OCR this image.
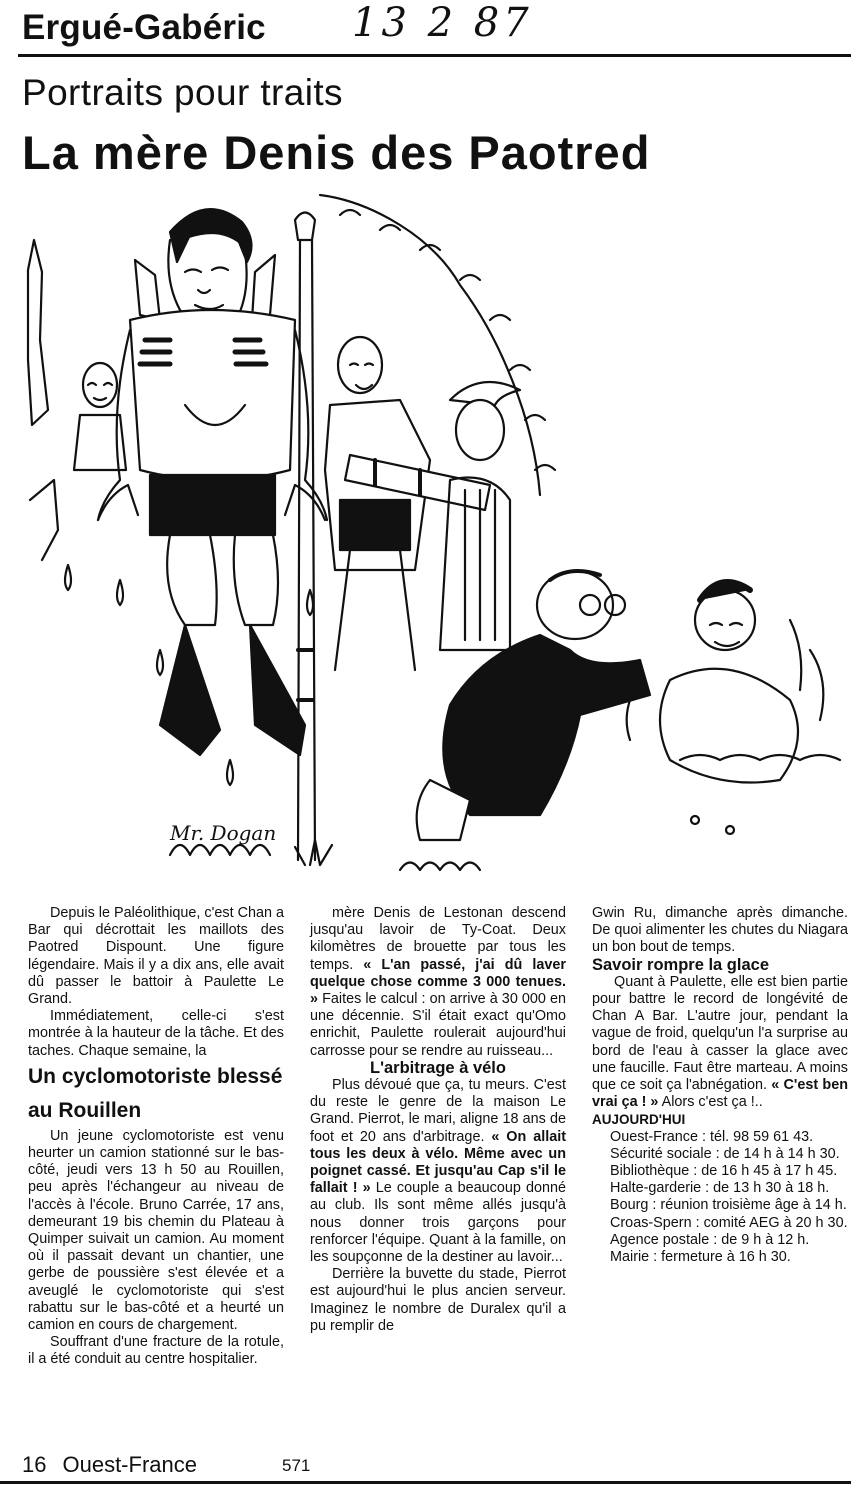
Ergué-Gabéric 13 2 87
Portraits pour traits
La mère Denis des Paotred
Mr. Dogan

Depuis le Paléolithique, c'est Chan a Bar qui décrottait les maillots des Paotred Dispount. Une figure légendaire. Mais il y a dix ans, elle avait dû passer le battoir à Paulette Le Grand.

Immédiatement, celle-ci s'est montrée à la hauteur de la tâche. Et des taches. Chaque semaine, la

Un cyclomotoriste blessé au Rouillen

Un jeune cyclomotoriste est venu heurter un camion stationné sur le bas-côté, jeudi vers 13 h 50 au Rouillen, peu après l'échangeur au niveau de l'accès à l'école. Bruno Carrée, 17 ans, demeurant 19 bis chemin du Plateau à Quimper suivait un camion. Au moment où il passait devant un chantier, une gerbe de poussière s'est élevée et a aveuglé le cyclomotoriste qui s'est rabattu sur le bas-côté et a heurté un camion en cours de chargement.

Souffrant d'une fracture de la rotule, il a été conduit au centre hospitalier.

mère Denis de Lestonan descend jusqu'au lavoir de Ty-Coat. Deux kilomètres de brouette par tous les temps. « L'an passé, j'ai dû laver quelque chose comme 3 000 tenues. » Faites le calcul : on arrive à 30 000 en une décennie. S'il était exact qu'Omo enrichit, Paulette roulerait aujourd'hui carrosse pour se rendre au ruisseau...

L'arbitrage à vélo

Plus dévoué que ça, tu meurs. C'est du reste le genre de la maison Le Grand. Pierrot, le mari, aligne 18 ans de foot et 20 ans d'arbitrage. « On allait tous les deux à vélo. Même avec un poignet cassé. Et jusqu'au Cap s'il le fallait ! » Le couple a beaucoup donné au club. Ils sont même allés jusqu'à nous donner trois garçons pour renforcer l'équipe. Quant à la famille, on les soupçonne de la destiner au lavoir...

Derrière la buvette du stade, Pierrot est aujourd'hui le plus ancien serveur. Imaginez le nombre de Duralex qu'il a pu remplir de

Gwin Ru, dimanche après dimanche. De quoi alimenter les chutes du Niagara un bon bout de temps.

Savoir rompre la glace

Quant à Paulette, elle est bien partie pour battre le record de longévité de Chan A Bar. L'autre jour, pendant la vague de froid, quelqu'un l'a surprise au bord de l'eau à casser la glace avec une faucille. Faut être marteau. A moins que ce soit ça l'abnégation. « C'est ben vrai ça ! » Alors c'est ça !..

AUJOURD'HUI

Ouest-France : tél. 98 59 61 43.

Sécurité sociale : de 14 h à 14 h 30.

Bibliothèque : de 16 h 45 à 17 h 45.

Halte-garderie : de 13 h 30 à 18 h.

Bourg : réunion troisième âge à 14 h.

Croas-Spern : comité AEG à 20 h 30.

Agence postale : de 9 h à 12 h.

Mairie : fermeture à 16 h 30.

16 Ouest-France	571
